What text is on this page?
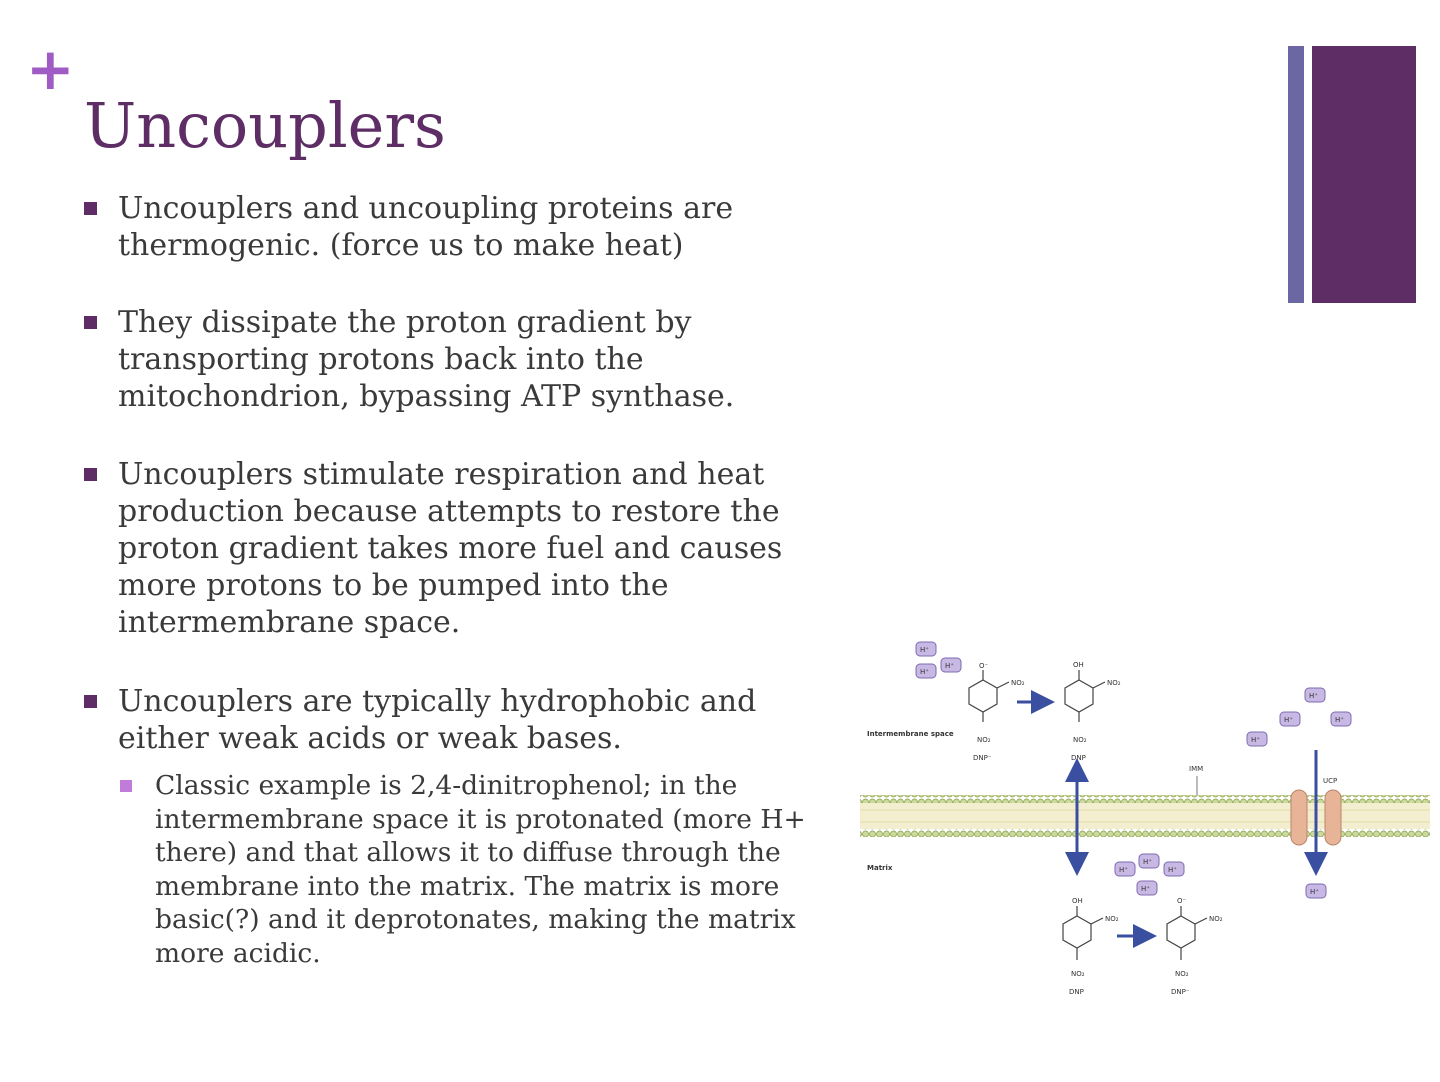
+
Uncouplers
Uncouplers and uncoupling proteins are thermogenic. (force us to make heat)
They dissipate the proton gradient by transporting protons back into the mitochondrion, bypassing ATP synthase.
Uncouplers stimulate respiration and heat production because attempts to restore the proton gradient takes more fuel and causes more protons to be pumped into the intermembrane space.
Uncouplers are typically hydrophobic and either weak acids or weak bases.
Classic example is 2,4-dinitrophenol; in the intermembrane space it is protonated (more H+ there) and that allows it to diffuse through the membrane into the matrix. The matrix is more basic(?) and it deprotonates, making the matrix more acidic.
Intermembrane space
Matrix
IMM
UCP
H⁺
H⁺
H⁺	O⁻
NO₂
NO₂
DNP⁻
OH
NO₂
NO₂
DNP
H⁺
H⁺	H⁺
H⁺
H⁺
H⁺
H⁺
H⁺
H⁺
OH
NO₂
NO₂
DNP
O⁻
NO₂
NO₂
DNP⁻
